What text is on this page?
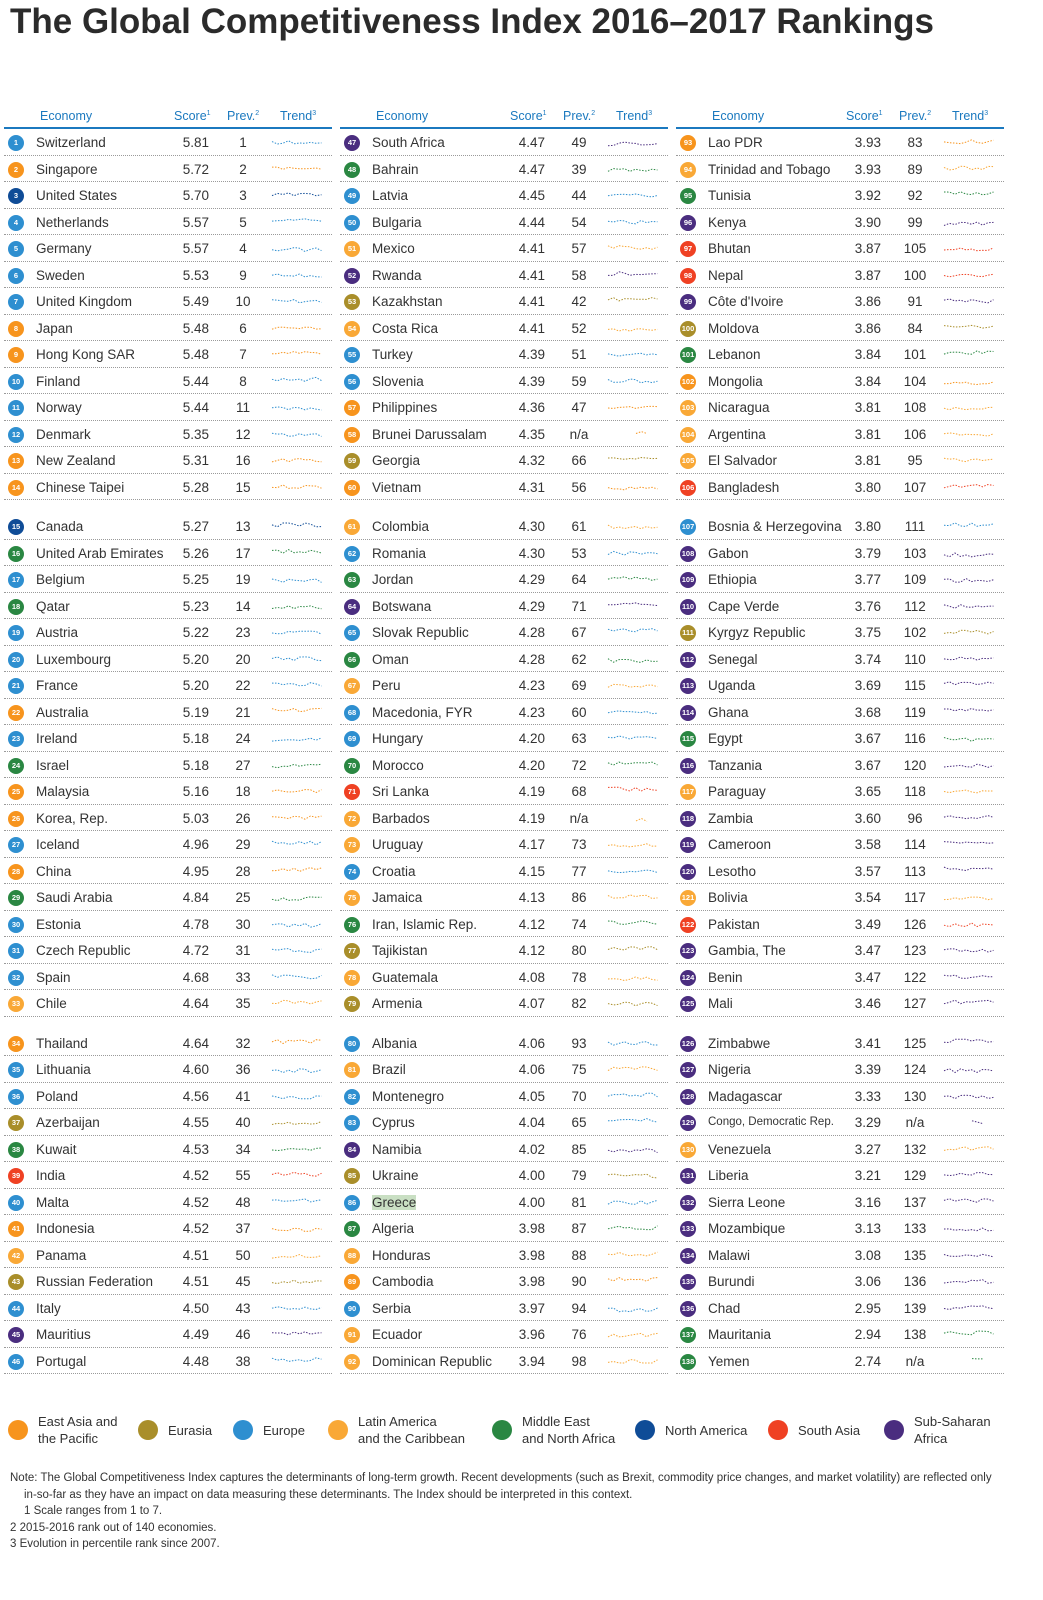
The Global Competitiveness Index 2016–2017 Rankings
Economy	Score$^1$ Prev.$^2$ Trend$^3$
1	Switzerland	5.81	1
2	Singapore	5.72	2
3	United States	5.70	3
4	Netherlands	5.57	5
5	Germany	5.57	4
6	Sweden	5.53	9
7	United Kingdom	5.49	10
8	Japan	5.48	6
9	Hong Kong SAR	5.48	7
10 Finland	5.44	8
11 Norway	5.44	11
12 Denmark	5.35	12
13 New Zealand	5.31	16
14 Chinese Taipei	5.28	15
15 Canada	5.27	13
16 United Arab Emirates	5.26	17
17 Belgium	5.25	19
18 Qatar	5.23	14
19 Austria	5.22	23
20 Luxembourg	5.20	20
21 France	5.20	22
22 Australia	5.19	21
23 Ireland	5.18	24
24 Israel	5.18	27
25 Malaysia	5.16	18
26 Korea, Rep.	5.03	26
27 Iceland	4.96	29
28 China	4.95	28
29 Saudi Arabia	4.84	25
30 Estonia	4.78	30
31 Czech Republic	4.72	31
32 Spain	4.68	33
33 Chile	4.64	35
34 Thailand	4.64	32
35 Lithuania	4.60	36
36 Poland	4.56	41
37 Azerbaijan	4.55	40
38 Kuwait	4.53	34
39 India	4.52	55
40 Malta	4.52	48
41 Indonesia	4.52	37
42 Panama	4.51	50
43 Russian Federation	4.51	45
44 Italy	4.50	43
45 Mauritius	4.49	46
46 Portugal	4.48	38
Economy	Score$^1$ Prev.$^2$ Trend$^3$
47 South Africa	4.47	49
48 Bahrain	4.47	39
49 Latvia	4.45	44
50 Bulgaria	4.44	54
51 Mexico	4.41	57
52 Rwanda	4.41	58
53 Kazakhstan	4.41	42
54 Costa Rica	4.41	52
55 Turkey	4.39	51
56 Slovenia	4.39	59
57 Philippines	4.36	47
58 Brunei Darussalam	4.35	n/a
59 Georgia	4.32	66
60 Vietnam	4.31	56
61 Colombia	4.30	61
62 Romania	4.30	53
63 Jordan	4.29	64
64 Botswana	4.29	71
65 Slovak Republic	4.28	67
66 Oman	4.28	62
67 Peru	4.23	69
68 Macedonia, FYR	4.23	60
69 Hungary	4.20	63
70 Morocco	4.20	72
71 Sri Lanka	4.19	68
72 Barbados	4.19	n/a
73 Uruguay	4.17	73
74 Croatia	4.15	77
75 Jamaica	4.13	86
76 Iran, Islamic Rep.	4.12	74
77 Tajikistan	4.12	80
78 Guatemala	4.08	78
79 Armenia	4.07	82
80 Albania	4.06	93
81 Brazil	4.06	75
82 Montenegro	4.05	70
83 Cyprus	4.04	65
84 Namibia	4.02	85
85 Ukraine	4.00	79
86 Greece	4.00	81
87 Algeria	3.98	87
88 Honduras	3.98	88
89 Cambodia	3.98	90
90 Serbia	3.97	94
91 Ecuador	3.96	76
92 Dominican Republic	3.94	98
Economy	Score$^1$ Prev.$^2$ Trend$^3$
93 Lao PDR	3.93	83
94 Trinidad and Tobago	3.93	89
95 Tunisia	3.92	92
96 Kenya	3.90	99
97 Bhutan	3.87	105
98 Nepal	3.87	100
99 Côte d'Ivoire	3.86	91
100 Moldova	3.86	84
101 Lebanon	3.84	101
102 Mongolia	3.84	104
103 Nicaragua	3.81	108
104 Argentina	3.81	106
105 El Salvador	3.81	95
106 Bangladesh	3.80	107
107 Bosnia & Herzegovina 3.80	111
108 Gabon	3.79	103
109 Ethiopia	3.77	109
110 Cape Verde	3.76	112
111 Kyrgyz Republic	3.75	102
112 Senegal	3.74	110
113 Uganda	3.69	115
114 Ghana	3.68	119
115 Egypt	3.67	116
116 Tanzania	3.67	120
117 Paraguay	3.65	118
118 Zambia	3.60	96
119 Cameroon	3.58	114
120 Lesotho	3.57	113
121 Bolivia	3.54	117
122 Pakistan	3.49	126
123 Gambia, The	3.47	123
124 Benin	3.47	122
125 Mali	3.46	127
126 Zimbabwe	3.41	125
127 Nigeria	3.39	124
128 Madagascar	3.33	130
129 Congo, Democratic Rep.	3.29	n/a
130 Venezuela	3.27	132
131 Liberia	3.21	129
132 Sierra Leone	3.16	137
133 Mozambique	3.13	133
134 Malawi	3.08	135
135 Burundi	3.06	136
136 Chad	2.95	139
137 Mauritania	2.94	138
138 Yemen	2.74	n/a
East Asia and
the Pacific
Eurasia	Europe
Latin America
and the Caribbean
Middle East
and North Africa
North America	South Asia
Sub-Saharan
Africa
Note: The Global Competitiveness Index captures the determinants of long-term growth. Recent developments (such as Brexit, commodity price changes, and market volatility) are reflected only
in-so-far as they have an impact on data measuring these determinants. The Index should be interpreted in this context.
1 Scale ranges from 1 to 7.
2 2015-2016 rank out of 140 economies.
3 Evolution in percentile rank since 2007.
